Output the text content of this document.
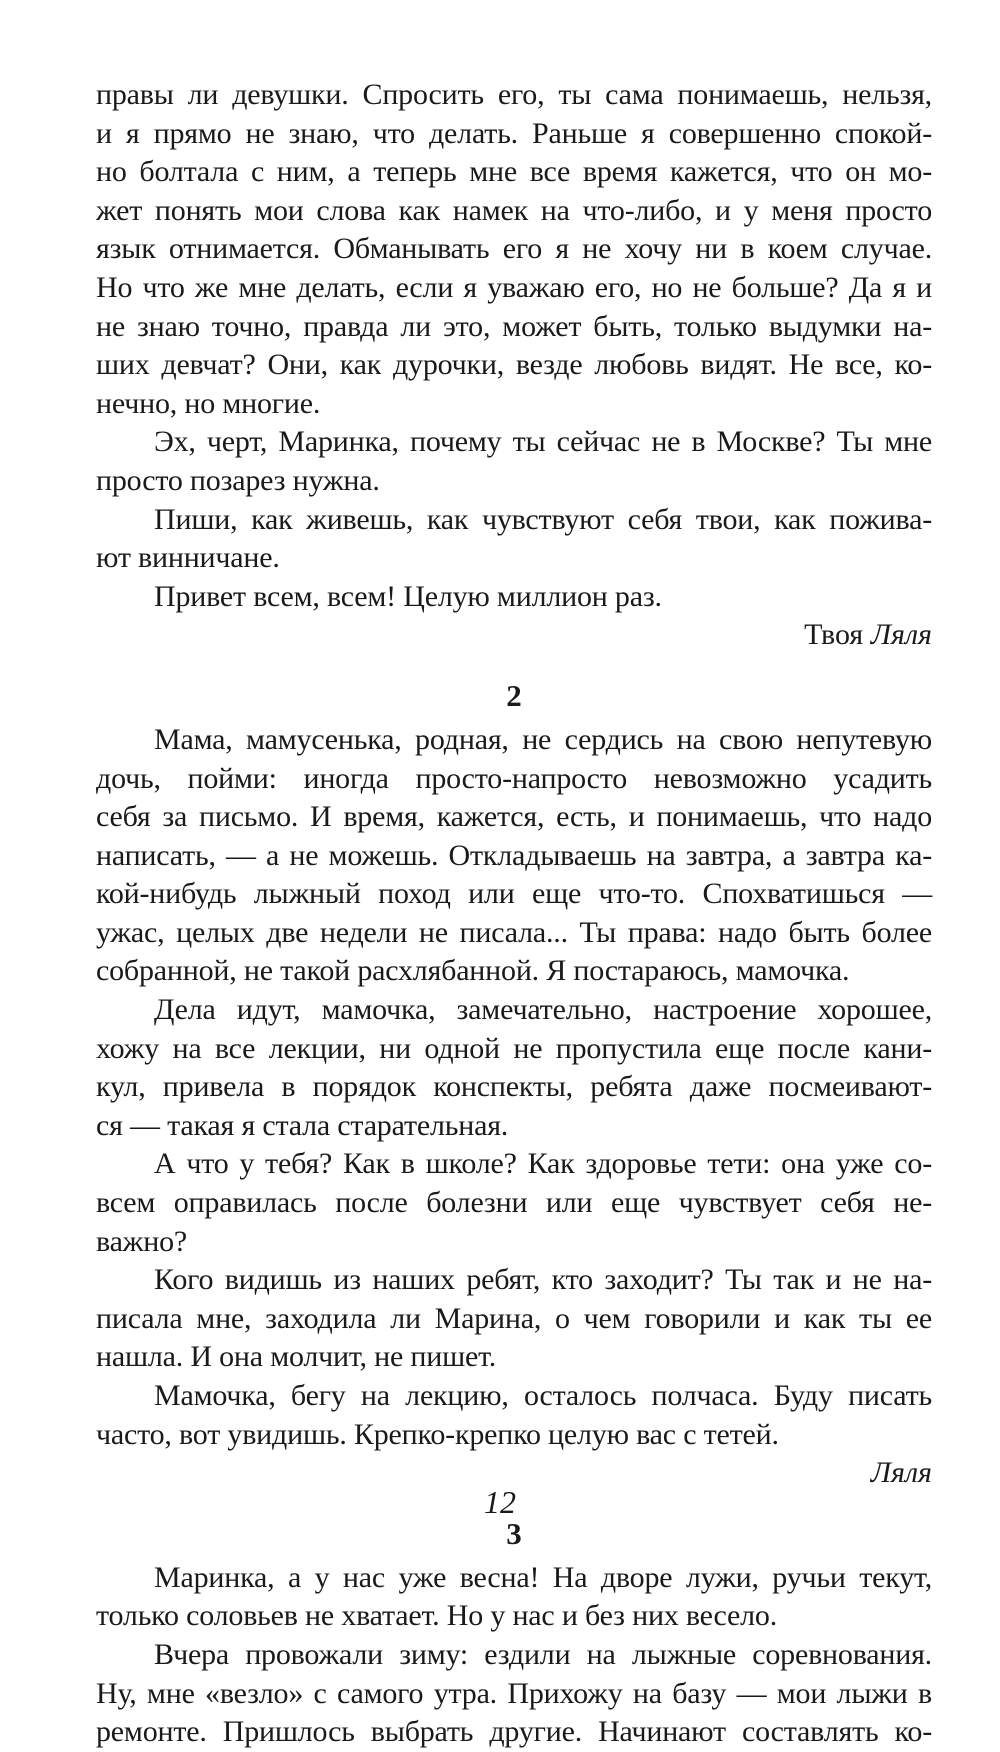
правы ли девушки. Спросить его, ты сама понимаешь, нельзя,
и я прямо не знаю, что делать. Раньше я совершенно спокой-
но болтала с ним, а теперь мне все время кажется, что он мо-
жет понять мои слова как намек на что-либо, и у меня просто
язык отнимается. Обманывать его я не хочу ни в коем случае.
Но что же мне делать, если я уважаю его, но не больше? Да я и
не знаю точно, правда ли это, может быть, только выдумки на-
ших девчат? Они, как дурочки, везде любовь видят. Не все, ко-
нечно, но многие.
Эх, черт, Маринка, почему ты сейчас не в Москве? Ты мне
просто позарез нужна.
Пиши, как живешь, как чувствуют себя твои, как пожива-
ют винничане.
Привет всем, всем! Целую миллион раз.
Твоя Ляля
2
Мама, мамусенька, родная, не сердись на свою непутевую
дочь, пойми: иногда просто-напросто невозможно усадить
себя за письмо. И время, кажется, есть, и понимаешь, что надо
написать, — а не можешь. Откладываешь на завтра, а завтра ка-
кой-нибудь лыжный поход или еще что-то. Спохватишься —
ужас, целых две недели не писала... Ты права: надо быть более
собранной, не такой расхлябанной. Я постараюсь, мамочка.
Дела идут, мамочка, замечательно, настроение хорошее,
хожу на все лекции, ни одной не пропустила еще после кани-
кул, привела в порядок конспекты, ребята даже посмеивают-
ся — такая я стала старательная.
А что у тебя? Как в школе? Как здоровье тети: она уже со-
всем оправилась после болезни или еще чувствует себя не-
важно?
Кого видишь из наших ребят, кто заходит? Ты так и не на-
писала мне, заходила ли Марина, о чем говорили и как ты ее
нашла. И она молчит, не пишет.
Мамочка, бегу на лекцию, осталось полчаса. Буду писать
часто, вот увидишь. Крепко-крепко целую вас с тетей.
Ляля
3
Маринка, а у нас уже весна! На дворе лужи, ручьи текут,
только соловьев не хватает. Но у нас и без них весело.
Вчера провожали зиму: ездили на лыжные соревнования.
Ну, мне «везло» с самого утра. Прихожу на базу — мои лыжи в
ремонте. Пришлось выбрать другие. Начинают составлять ко-
12
